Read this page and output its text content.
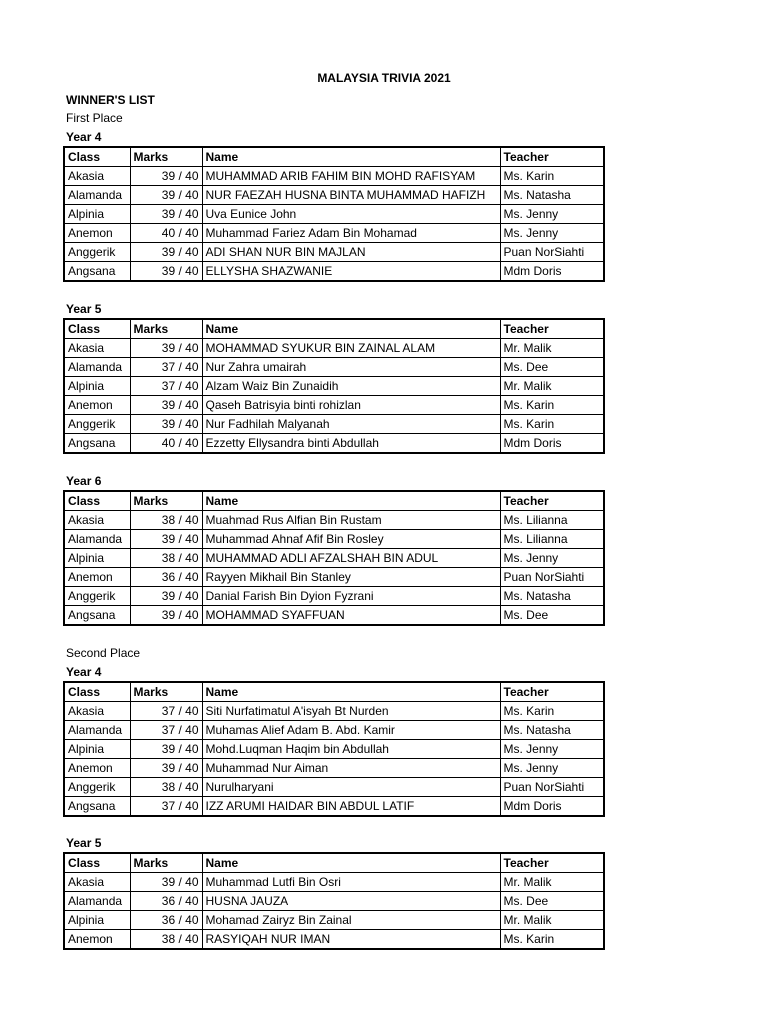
MALAYSIA TRIVIA 2021
WINNER'S LIST
First Place
Year 4
Class	Marks	Name	Teacher
Akasia	39 / 40	MUHAMMAD ARIB FAHIM BIN MOHD RAFISYAM	Ms. Karin
Alamanda	39 / 40	NUR FAEZAH HUSNA BINTA MUHAMMAD HAFIZH	Ms. Natasha
Alpinia	39 / 40	Uva Eunice John	Ms. Jenny
Anemon	40 / 40	Muhammad Fariez Adam Bin Mohamad	Ms. Jenny
Anggerik	39 / 40	ADI SHAN NUR BIN MAJLAN	Puan NorSiahti
Angsana	39 / 40	ELLYSHA SHAZWANIE	Mdm Doris
Year 5
Class	Marks	Name	Teacher
Akasia	39 / 40	MOHAMMAD SYUKUR BIN ZAINAL ALAM	Mr. Malik
Alamanda	37 / 40	Nur Zahra umairah	Ms. Dee
Alpinia	37 / 40	Alzam Waiz Bin Zunaidih	Mr. Malik
Anemon	39 / 40	Qaseh Batrisyia binti rohizlan	Ms. Karin
Anggerik	39 / 40	Nur Fadhilah Malyanah	Ms. Karin
Angsana	40 / 40	Ezzetty Ellysandra binti Abdullah	Mdm Doris
Year 6
Class	Marks	Name	Teacher
Akasia	38 / 40	Muahmad Rus Alfian Bin Rustam	Ms. Lilianna
Alamanda	39 / 40	Muhammad Ahnaf Afif Bin Rosley	Ms. Lilianna
Alpinia	38 / 40	MUHAMMAD ADLI AFZALSHAH BIN ADUL	Ms. Jenny
Anemon	36 / 40	Rayyen Mikhail Bin Stanley	Puan NorSiahti
Anggerik	39 / 40	Danial Farish Bin Dyion Fyzrani	Ms. Natasha
Angsana	39 / 40	MOHAMMAD SYAFFUAN	Ms. Dee
Second Place
Year 4
Class	Marks	Name	Teacher
Akasia	37 / 40	Siti Nurfatimatul A'isyah Bt Nurden	Ms. Karin
Alamanda	37 / 40	Muhamas Alief Adam B. Abd. Kamir	Ms. Natasha
Alpinia	39 / 40	Mohd.Luqman Haqim bin Abdullah	Ms. Jenny
Anemon	39 / 40	Muhammad Nur Aiman	Ms. Jenny
Anggerik	38 / 40	Nurulharyani	Puan NorSiahti
Angsana	37 / 40	IZZ ARUMI HAIDAR BIN ABDUL LATIF	Mdm Doris
Year 5
Class	Marks	Name	Teacher
Akasia	39 / 40	Muhammad Lutfi Bin Osri	Mr. Malik
Alamanda	36 / 40	HUSNA JAUZA	Ms. Dee
Alpinia	36 / 40	Mohamad Zairyz Bin Zainal	Mr. Malik
Anemon	38 / 40	RASYIQAH NUR IMAN	Ms. Karin
